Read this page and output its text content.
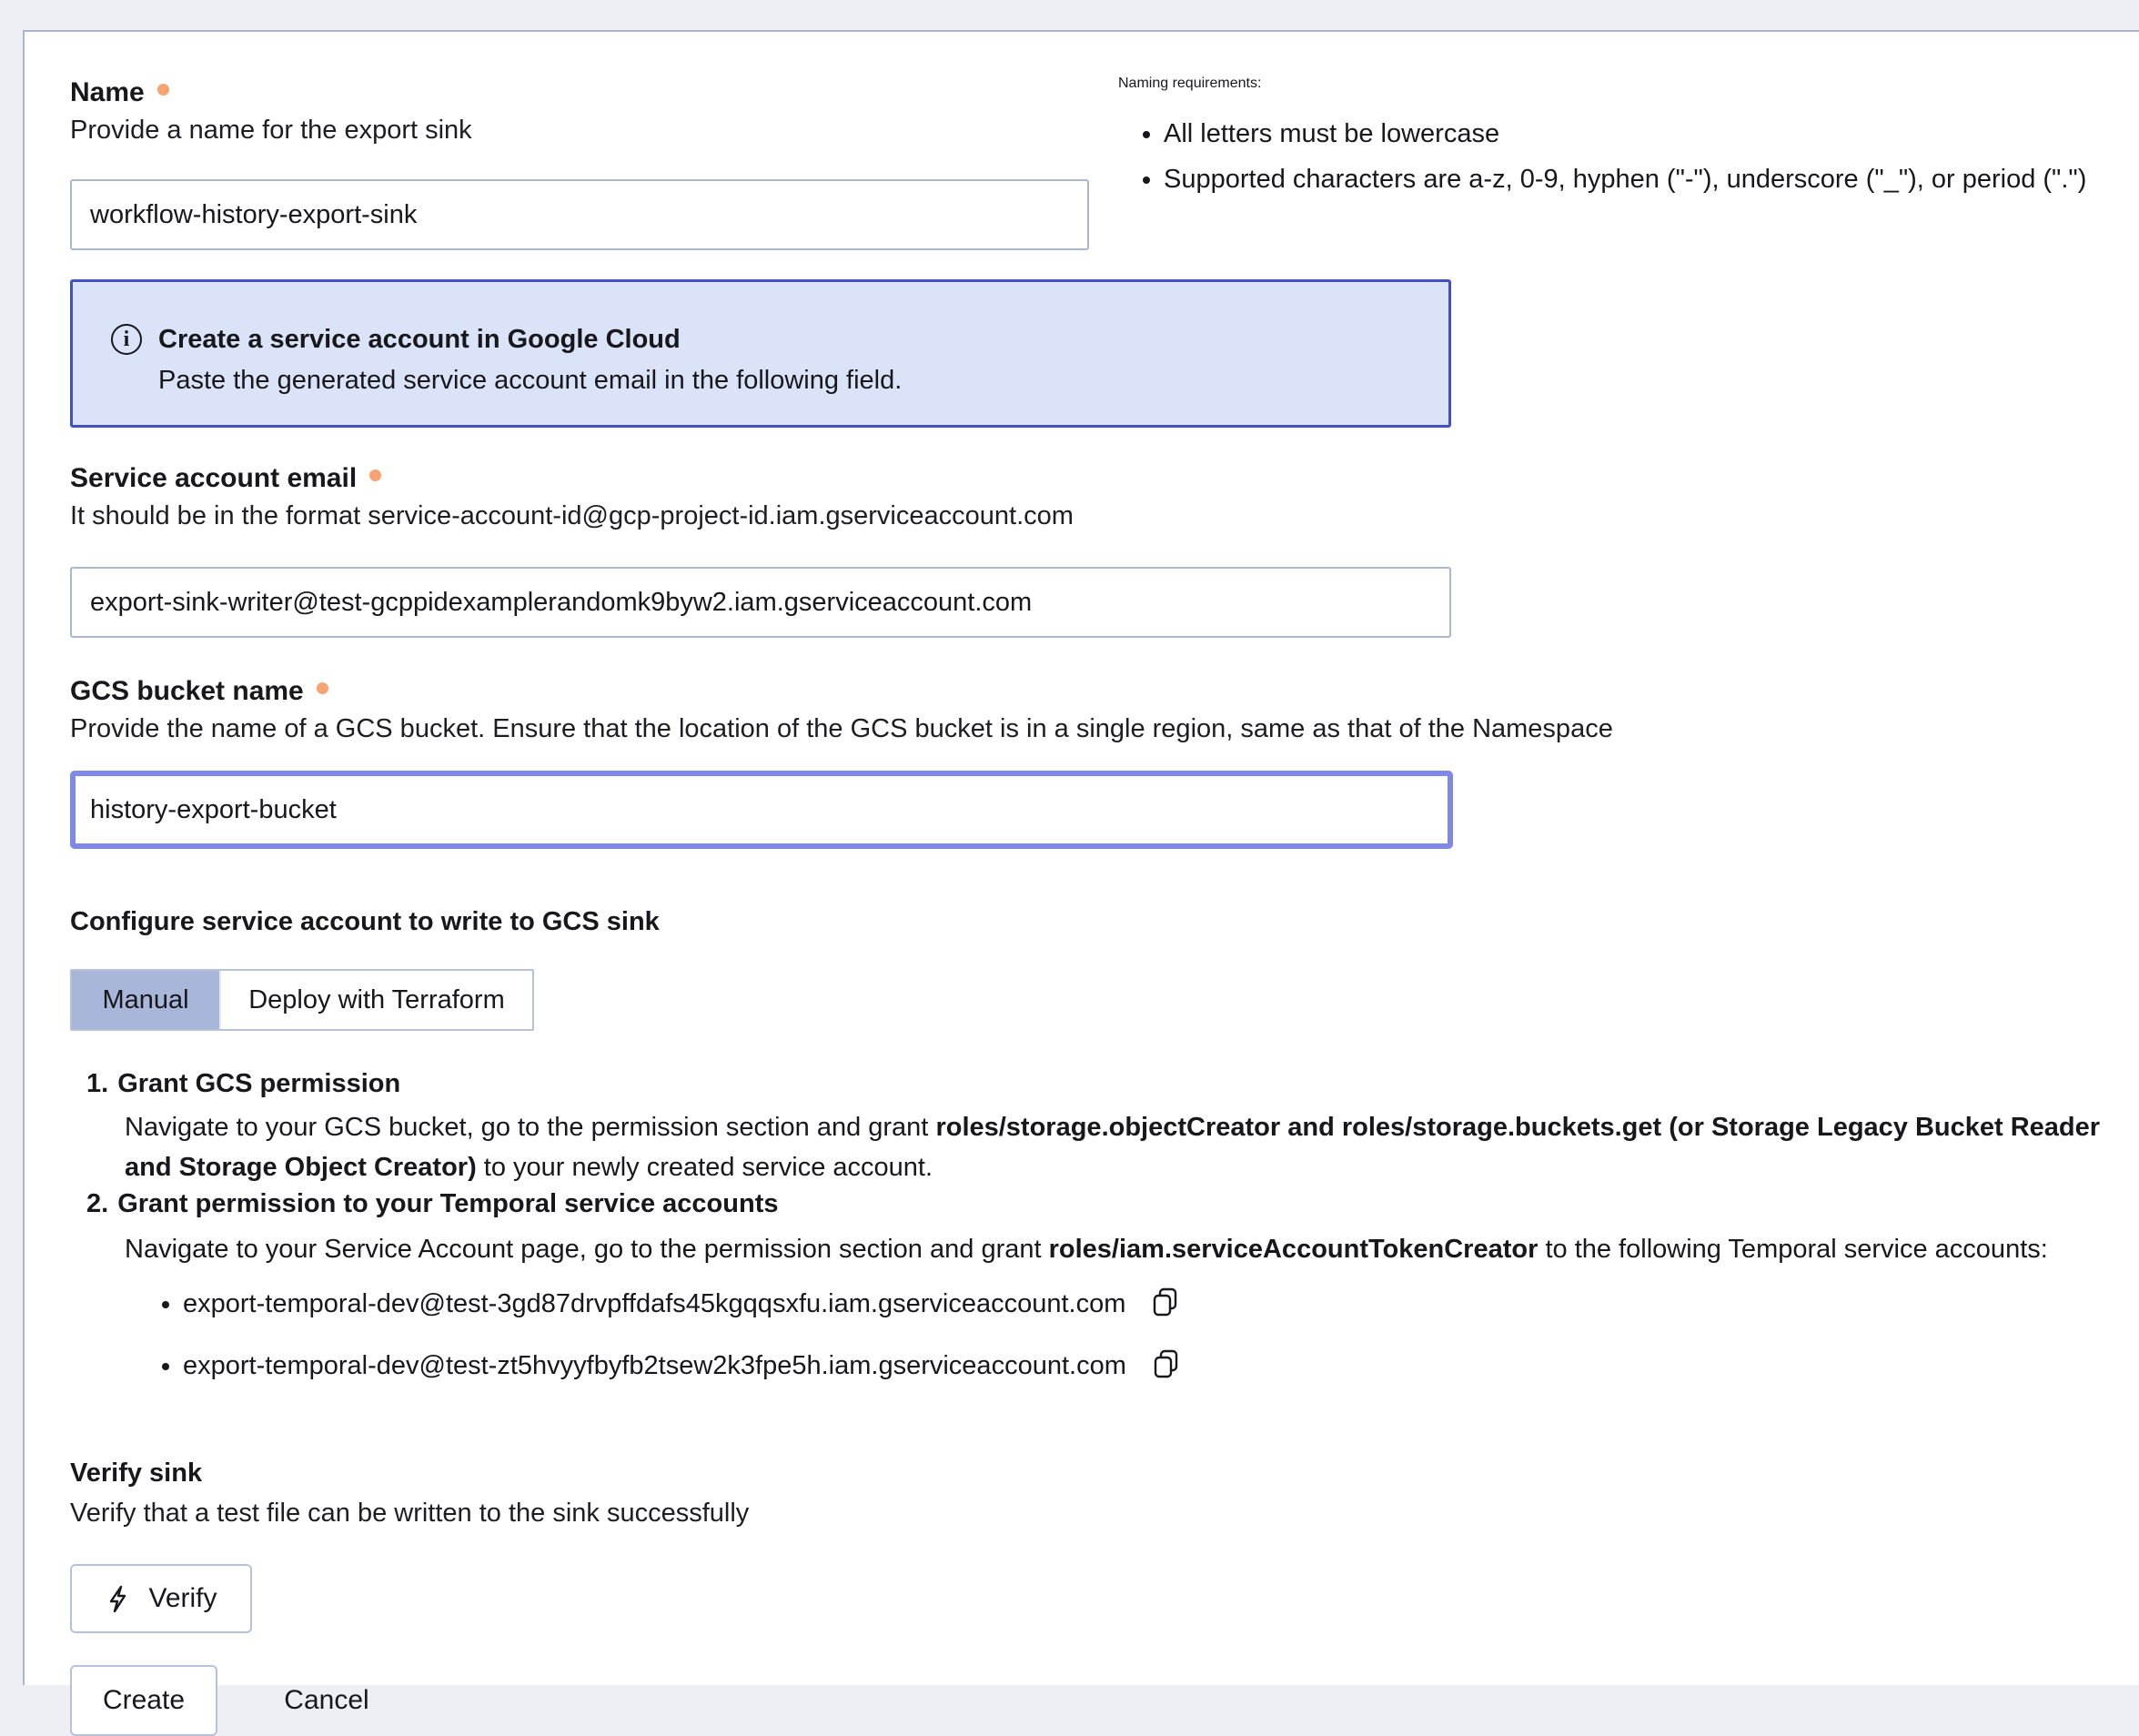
Name
Provide a name for the export sink
workflow-history-export-sink
Naming requirements:
• All letters must be lowercase
• Supported characters are a-z, 0-9, hyphen ("-"), underscore ("_"), or period (".")
i	Create a service account in Google Cloud
Paste the generated service account email in the following field.
Service account email
It should be in the format service-account-id@gcp-project-id.iam.gserviceaccount.com
export-sink-writer@test-gcppidexamplerandomk9byw2.iam.gserviceaccount.com
GCS bucket name
Provide the name of a GCS bucket. Ensure that the location of the GCS bucket is in a single region, same as that of the Namespace
history-export-bucket
Configure service account to write to GCS sink
Manual	Deploy with Terraform
1. Grant GCS permission
Navigate to your GCS bucket, go to the permission section and grant roles/storage.objectCreator and roles/storage.buckets.get (or Storage Legacy Bucket Reader and Storage Object Creator) to your newly created service account.
2. Grant permission to your Temporal service accounts
Navigate to your Service Account page, go to the permission section and grant roles/iam.serviceAccountTokenCreator to the following Temporal service accounts:
• export-temporal-dev@test-3gd87drvpffdafs45kgqqsxfu.iam.gserviceaccount.com
• export-temporal-dev@test-zt5hvyyfbyfb2tsew2k3fpe5h.iam.gserviceaccount.com
Verify sink
Verify that a test file can be written to the sink successfully
Verify
Create	Cancel
